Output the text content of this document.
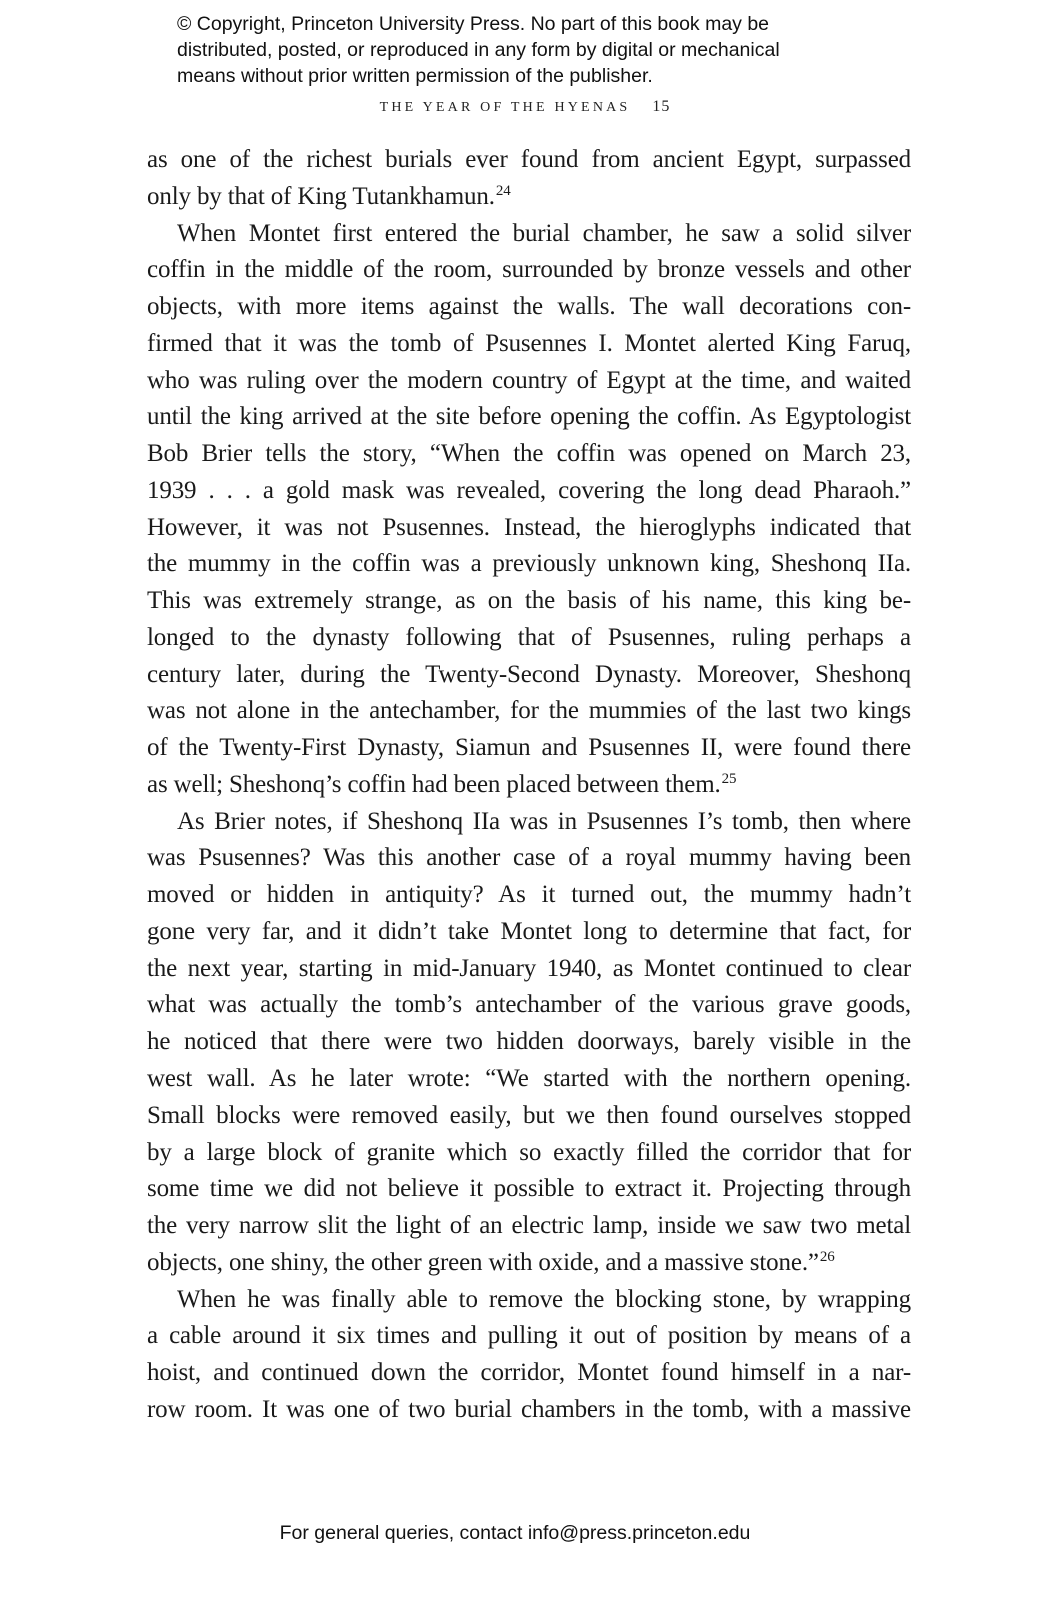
© Copyright, Princeton University Press. No part of this book may be
distributed, posted, or reproduced in any form by digital or mechanical
means without prior written permission of the publisher.
THE YEAR OF THE HYENAS 15
as one of the richest burials ever found from ancient Egypt, surpassed
only by that of King Tutankhamun.$^{24}$
When Montet first entered the burial chamber, he saw a solid silver
coffin in the middle of the room, surrounded by bronze vessels and other
objects, with more items against the walls. The wall decorations con-
firmed that it was the tomb of Psusennes I. Montet alerted King Faruq,
who was ruling over the modern country of Egypt at the time, and waited
until the king arrived at the site before opening the coffin. As Egyptologist
Bob Brier tells the story, “When the coffin was opened on March 23,
1939 . . . a gold mask was revealed, covering the long dead Pharaoh.”
However, it was not Psusennes. Instead, the hieroglyphs indicated that
the mummy in the coffin was a previously unknown king, Sheshonq IIa.
This was extremely strange, as on the basis of his name, this king be-
longed to the dynasty following that of Psusennes, ruling perhaps a
century later, during the Twenty-Second Dynasty. Moreover, Sheshonq
was not alone in the antechamber, for the mummies of the last two kings
of the Twenty-First Dynasty, Siamun and Psusennes II, were found there
as well; Sheshonq’s coffin had been placed between them.$^{25}$
As Brier notes, if Sheshonq IIa was in Psusennes I’s tomb, then where
was Psusennes? Was this another case of a royal mummy having been
moved or hidden in antiquity? As it turned out, the mummy hadn’t
gone very far, and it didn’t take Montet long to determine that fact, for
the next year, starting in mid-January 1940, as Montet continued to clear
what was actually the tomb’s antechamber of the various grave goods,
he noticed that there were two hidden doorways, barely visible in the
west wall. As he later wrote: “We started with the northern opening.
Small blocks were removed easily, but we then found ourselves stopped
by a large block of granite which so exactly filled the corridor that for
some time we did not believe it possible to extract it. Projecting through
the very narrow slit the light of an electric lamp, inside we saw two metal
objects, one shiny, the other green with oxide, and a massive stone.”$^{26}$
When he was finally able to remove the blocking stone, by wrapping
a cable around it six times and pulling it out of position by means of a
hoist, and continued down the corridor, Montet found himself in a nar-
row room. It was one of two burial chambers in the tomb, with a massive
For general queries, contact info@press.princeton.edu
